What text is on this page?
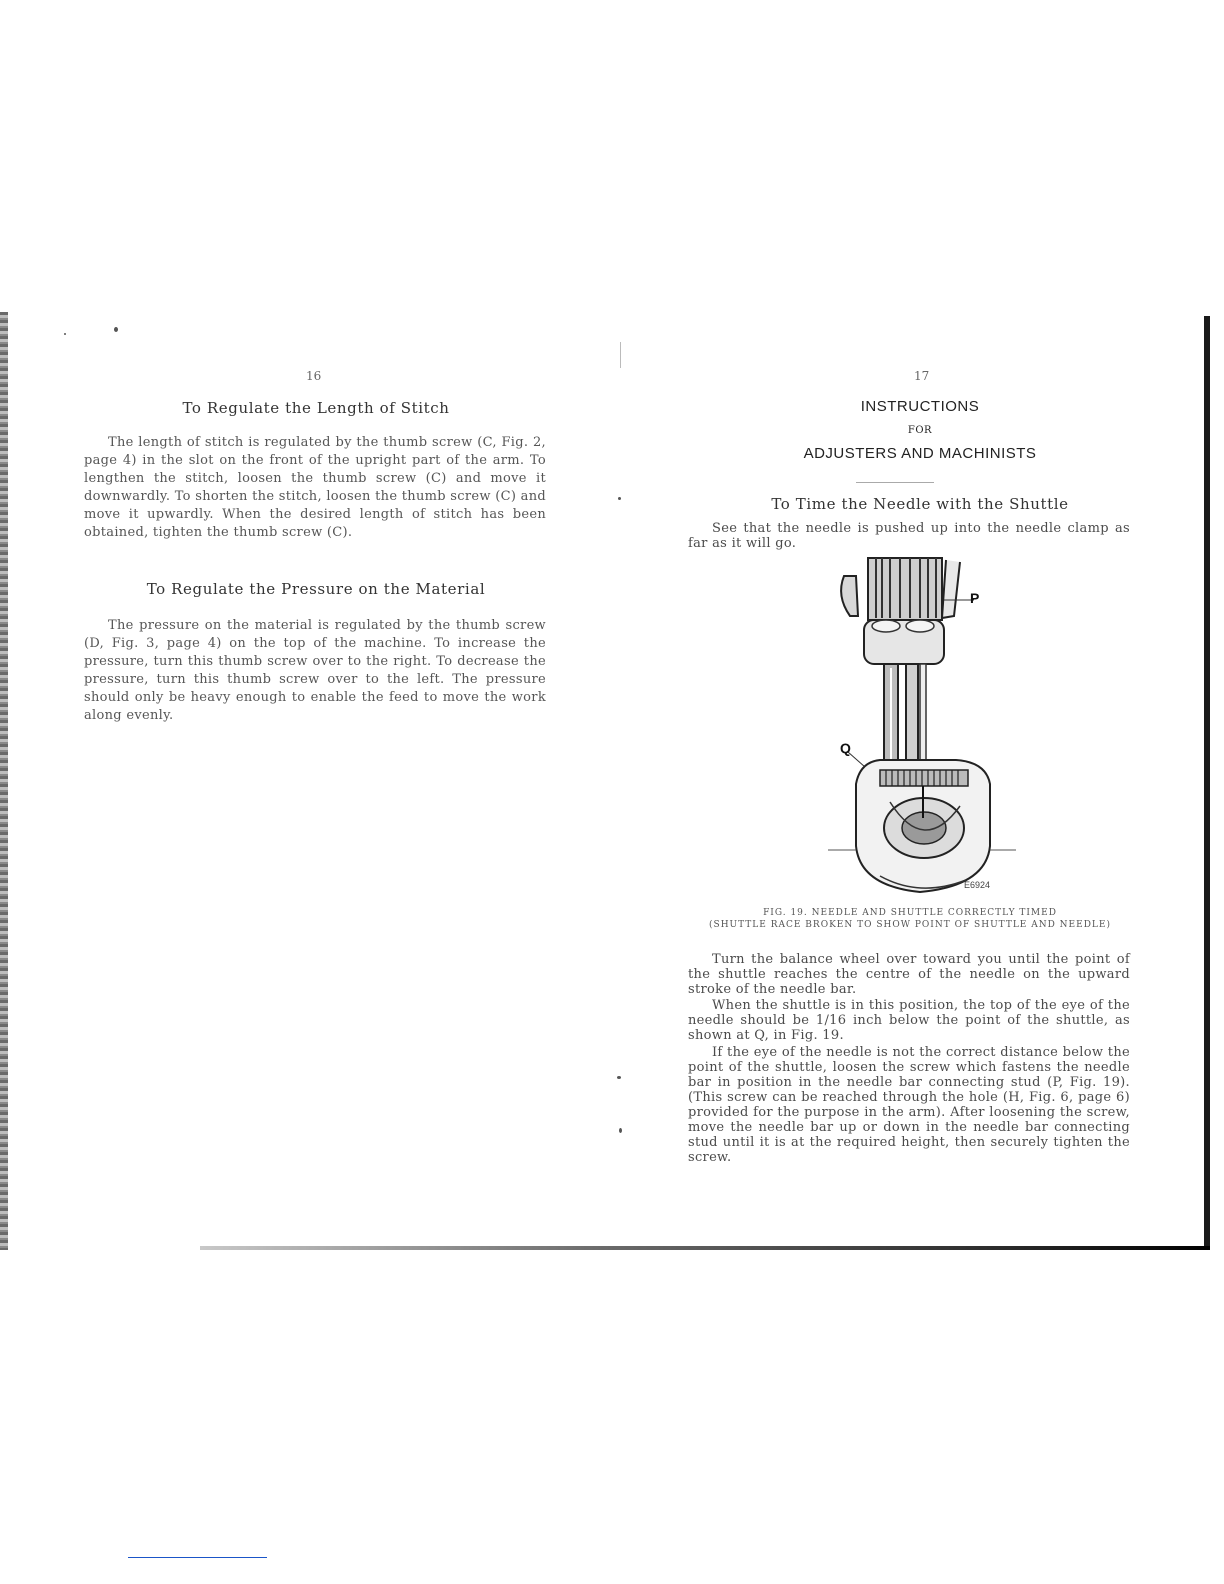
16
To Regulate the Length of Stitch

The length of stitch is regulated by the thumb screw (C, Fig. 2, page 4) in the slot on the front of the upright part of the arm. To lengthen the stitch, loosen the thumb screw (C) and move it downwardly. To shorten the stitch, loosen the thumb screw (C) and move it upwardly. When the desired length of stitch has been obtained, tighten the thumb screw (C).

To Regulate the Pressure on the Material

The pressure on the material is regulated by the thumb screw (D, Fig. 3, page 4) on the top of the machine. To increase the pressure, turn this thumb screw over to the right. To decrease the pressure, turn this thumb screw over to the left. The pressure should only be heavy enough to enable the feed to move the work along evenly.

17
INSTRUCTIONS
FOR
ADJUSTERS AND MACHINISTS
To Time the Needle with the Shuttle

See that the needle is pushed up into the needle clamp as far as it will go.

P
Q
E6924
FIG. 19. NEEDLE AND SHUTTLE CORRECTLY TIMED
(SHUTTLE RACE BROKEN TO SHOW POINT OF SHUTTLE AND NEEDLE)

Turn the balance wheel over toward you until the point of the shuttle reaches the centre of the needle on the upward stroke of the needle bar.

When the shuttle is in this position, the top of the eye of the needle should be 1/16 inch below the point of the shuttle, as shown at Q, in Fig. 19.

If the eye of the needle is not the correct distance below the point of the shuttle, loosen the screw which fastens the needle bar in position in the needle bar connecting stud (P, Fig. 19). (This screw can be reached through the hole (H, Fig. 6, page 6) provided for the purpose in the arm). After loosening the screw, move the needle bar up or down in the needle bar connecting stud until it is at the required height, then securely tighten the screw.
